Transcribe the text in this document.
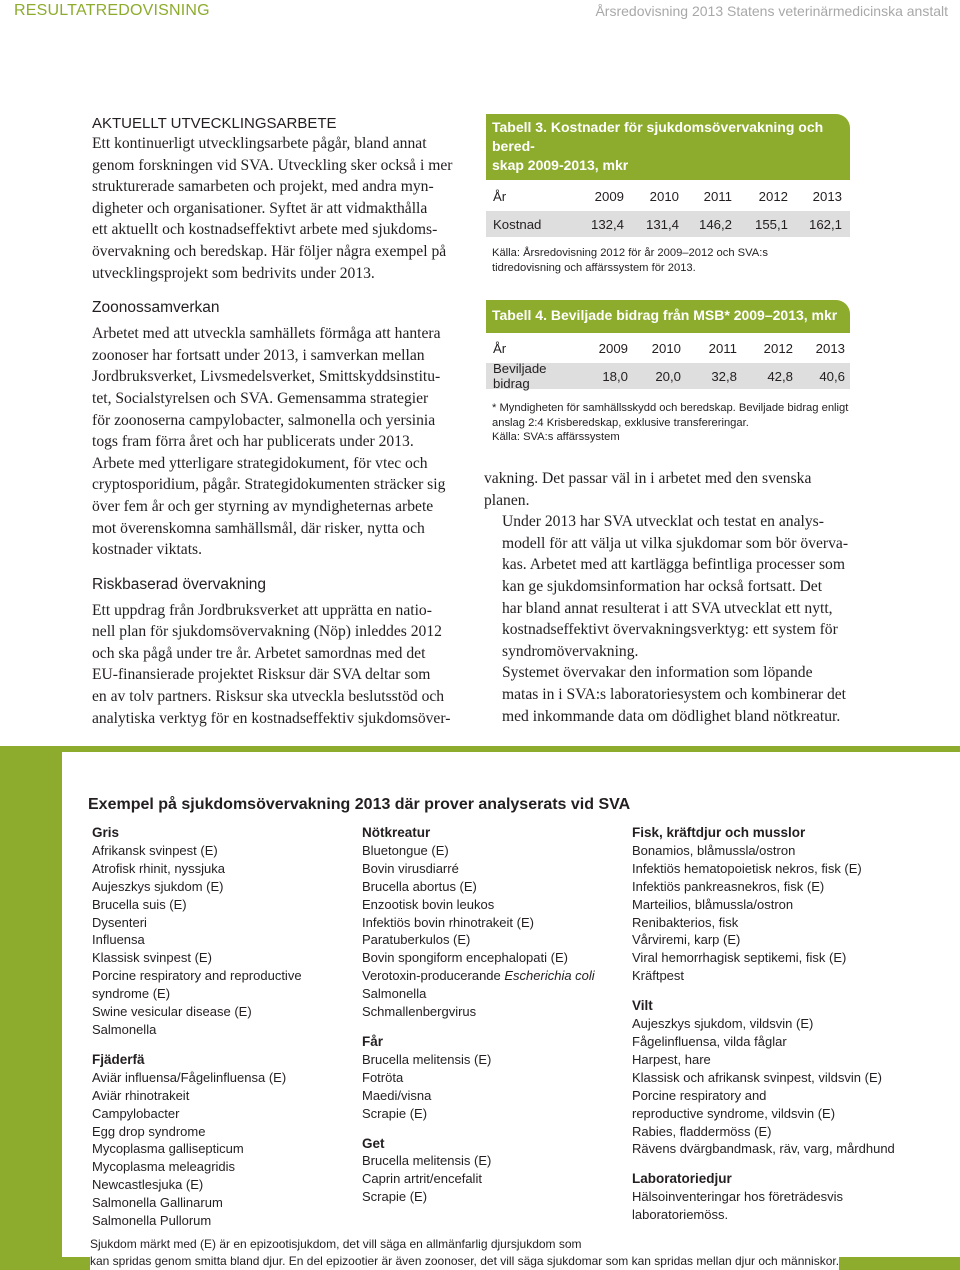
RESULTATREDOVISNING	Årsredovisning 2013 Statens veterinärmedicinska anstalt

AKTUELLT UTVECKLINGSARBETE

Ett kontinuerligt utvecklingsarbete pågår, bland annat
genom forskningen vid SVA. Utveckling sker också i mer
strukturerade samarbeten och projekt, med andra myn-
digheter och organisationer. Syftet är att vidmakthålla
ett aktuellt och kostnadseffektivt arbete med sjukdoms-
övervakning och beredskap. Här följer några exempel på
utvecklingsprojekt som bedrivits under 2013.

Zoonossamverkan

Arbetet med att utveckla samhällets förmåga att hantera
zoonoser har fortsatt under 2013, i samverkan mellan
Jordbruksverket, Livsmedelsverket, Smittskyddsinstitu-
tet, Socialstyrelsen och SVA. Gemensamma strategier
för zoonoserna campylobacter, salmonella och yersinia
togs fram förra året och har publicerats under 2013.
Arbete med ytterligare strategidokument, för vtec och
cryptosporidium, pågår. Strategidokumenten sträcker sig
över fem år och ger styrning av myndigheternas arbete
mot överenskomna samhällsmål, där risker, nytta och
kostnader viktats.

Riskbaserad övervakning

Ett uppdrag från Jordbruksverket att upprätta en natio-
nell plan för sjukdomsövervakning (Nöp) inleddes 2012
och ska pågå under tre år. Arbetet samordnas med det
EU-finansierade projektet Risksur där SVA deltar som
en av tolv partners. Risksur ska utveckla beslutsstöd och
analytiska verktyg för en kostnadseffektiv sjukdomsöver-
Tabell 3. Kostnader för sjukdomsövervakning och bered-
skap 2009-2013, mkr
År	2009	2010	2011	2012	2013
Kostnad	132,4	131,4	146,2	155,1	162,1
Källa: Årsredovisning 2012 för år 2009–2012 och SVA:s
tidredovisning och affärssystem för 2013.
Tabell 4. Beviljade bidrag från MSB* 2009–2013, mkr
År	2009	2010	2011	2012	2013
Beviljade bidrag	18,0	20,0	32,8	42,8	40,6
* Myndigheten för samhällsskydd och beredskap. Beviljade bidrag enligt
anslag 2:4 Krisberedskap, exklusive transfereringar.
Källa: SVA:s affärssystem
vakning. Det passar väl in i arbetet med den svenska
planen.
Under 2013 har SVA utvecklat och testat en analys-
modell för att välja ut vilka sjukdomar som bör överva-
kas. Arbetet med att kartlägga befintliga processer som
kan ge sjukdomsinformation har också fortsatt. Det
har bland annat resulterat i att SVA utvecklat ett nytt,
kostnadseffektivt övervakningsverktyg: ett system för
syndromövervakning.
Systemet övervakar den information som löpande
matas in i SVA:s laboratoriesystem och kombinerar det
med inkommande data om dödlighet bland nötkreatur.
Exempel på sjukdomsövervakning 2013 där prover analyserats vid SVA

Gris

Afrikansk svinpest (E)

Atrofisk rhinit, nyssjuka

Aujeszkys sjukdom (E)

Brucella suis (E)

Dysenteri

Influensa

Klassisk svinpest (E)

Porcine respiratory and reproductive

syndrome (E)

Swine vesicular disease (E)

Salmonella

Fjäderfä

Aviär influensa/Fågelinfluensa (E)

Aviär rhinotrakeit

Campylobacter

Egg drop syndrome

Mycoplasma gallisepticum

Mycoplasma meleagridis

Newcastlesjuka (E)

Salmonella Gallinarum

Salmonella Pullorum

Nötkreatur

Bluetongue (E)

Bovin virusdiarré

Brucella abortus (E)

Enzootisk bovin leukos

Infektiös bovin rhinotrakeit (E)

Paratuberkulos (E)

Bovin spongiform encephalopati (E)

Verotoxin-producerande Escherichia coli

Salmonella

Schmallenbergvirus

Får

Brucella melitensis (E)

Fotröta

Maedi/visna

Scrapie (E)

Get

Brucella melitensis (E)

Caprin artrit/encefalit

Scrapie (E)

Fisk, kräftdjur och musslor

Bonamios, blåmussla/ostron

Infektiös hematopoietisk nekros, fisk (E)

Infektiös pankreasnekros, fisk (E)

Marteilios, blåmussla/ostron

Renibakterios, fisk

Vårviremi, karp (E)

Viral hemorrhagisk septikemi, fisk (E)

Kräftpest

Vilt

Aujeszkys sjukdom, vildsvin (E)

Fågelinfluensa, vilda fåglar

Harpest, hare

Klassisk och afrikansk svinpest, vildsvin (E)

Porcine respiratory and

reproductive syndrome, vildsvin (E)

Rabies, fladdermöss (E)

Rävens dvärgbandmask, räv, varg, mårdhund

Laboratoriedjur

Hälsoinventeringar hos företrädesvis

laboratoriemöss.

Sjukdom märkt med (E) är en epizootisjukdom, det vill säga en allmänfarlig djursjukdom som
kan spridas genom smitta bland djur. En del epizootier är även zoonoser, det vill säga sjukdomar som kan spridas mellan djur och människor.
